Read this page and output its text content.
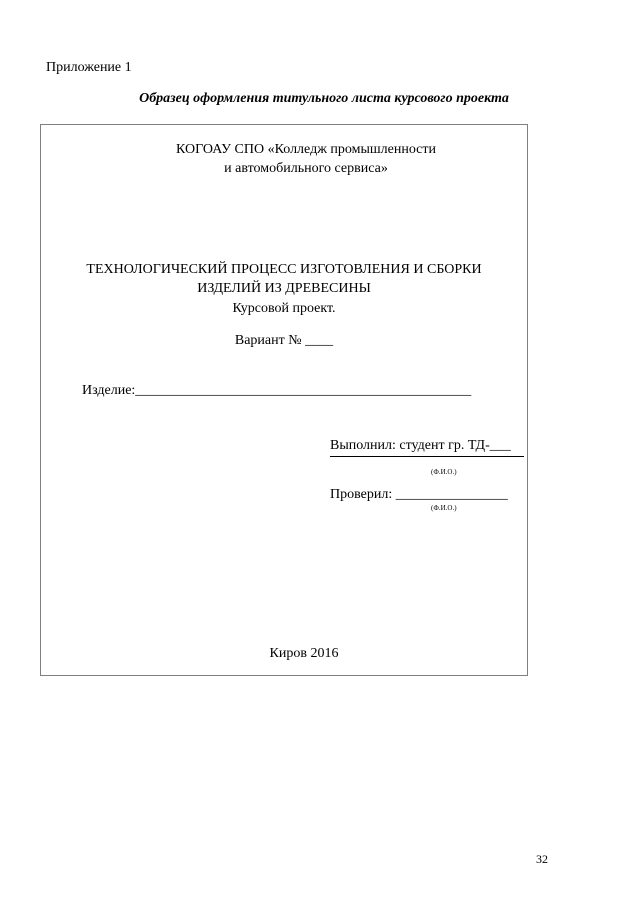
Приложение 1
Образец оформления титульного листа курсового проекта
КОГОАУ СПО «Колледж промышленности
и автомобильного сервиса»
ТЕХНОЛОГИЧЕСКИЙ ПРОЦЕСС ИЗГОТОВЛЕНИЯ И СБОРКИ
ИЗДЕЛИЙ ИЗ ДРЕВЕСИНЫ
Курсовой проект.
Вариант № ____
Изделие:________________________________________________
Выполнил: студент гр. ТД-___
(Ф.И.О.)
Проверил: ________________
(Ф.И.О.)
Киров 2016
32
